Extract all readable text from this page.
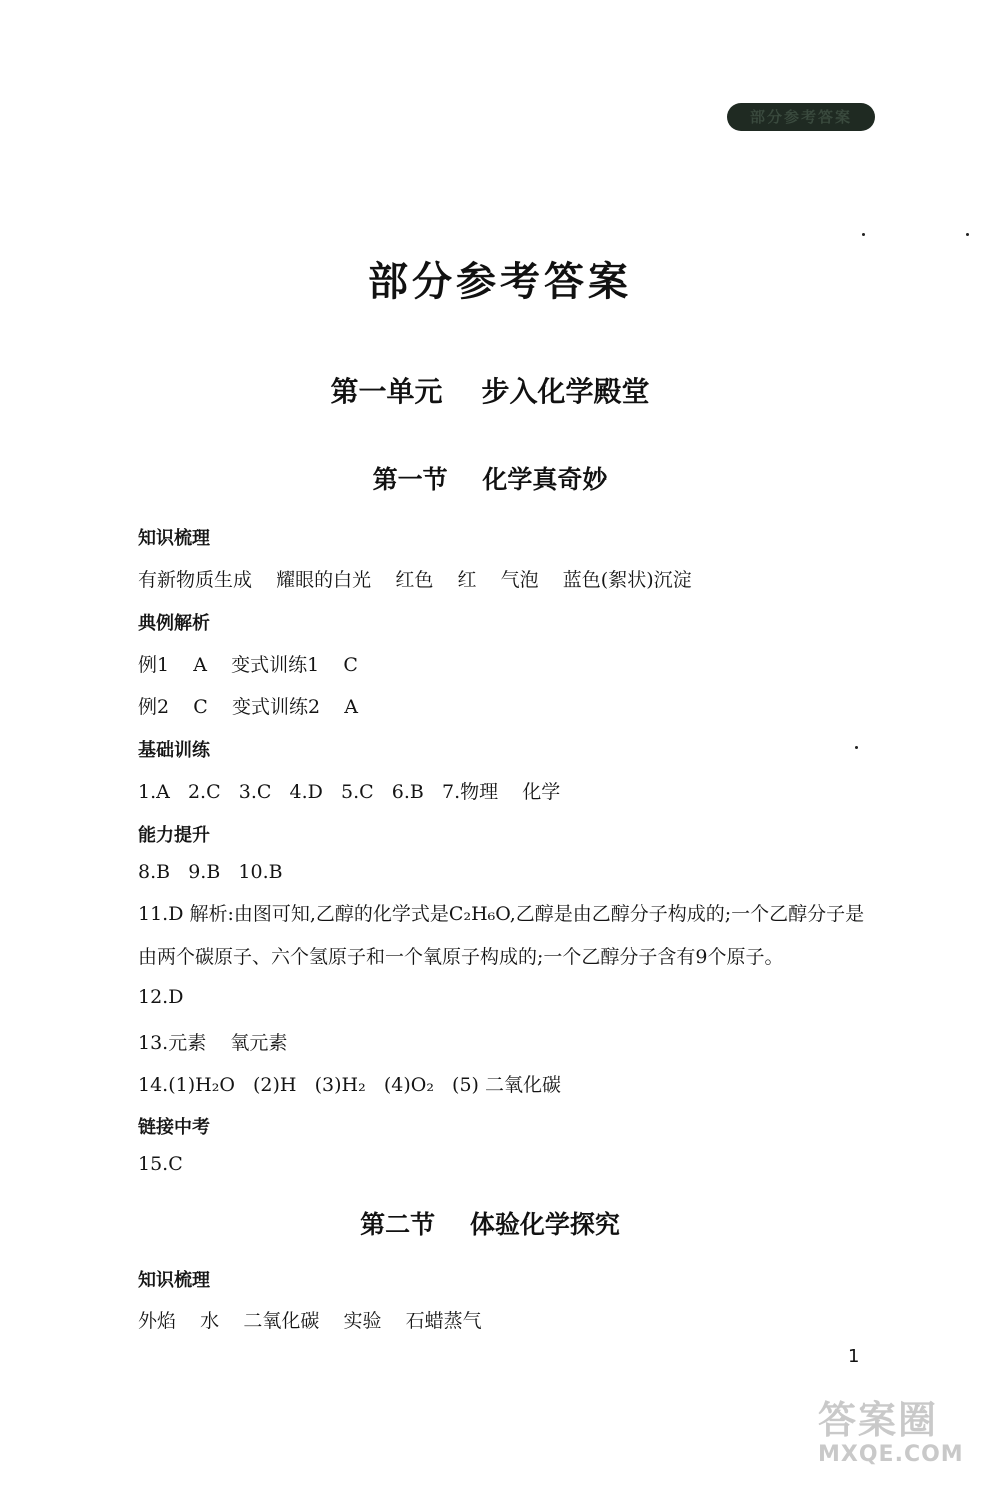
部分参考答案
部分参考答案
第一单元    步入化学殿堂
第一节    化学真奇妙
知识梳理
有新物质生成    耀眼的白光    红色    红    气泡    蓝色(絮状)沉淀
典例解析
例1    A    变式训练1    C
例2    C    变式训练2    A
基础训练
1.A   2.C   3.C   4.D   5.C   6.B   7.物理    化学
能力提升
8.B   9.B   10.B
11.D 解析:由图可知,乙醇的化学式是C₂H₆O,乙醇是由乙醇分子构成的;一个乙醇分子是由两个碳原子、六个氢原子和一个氧原子构成的;一个乙醇分子含有9个原子。
12.D
13.元素    氧元素
14.(1)H₂O   (2)H   (3)H₂   (4)O₂   (5) 二氧化碳
链接中考
15.C
第二节    体验化学探究
知识梳理
外焰    水    二氧化碳    实验    石蜡蒸气
1
答案圈
MXQE.COM
